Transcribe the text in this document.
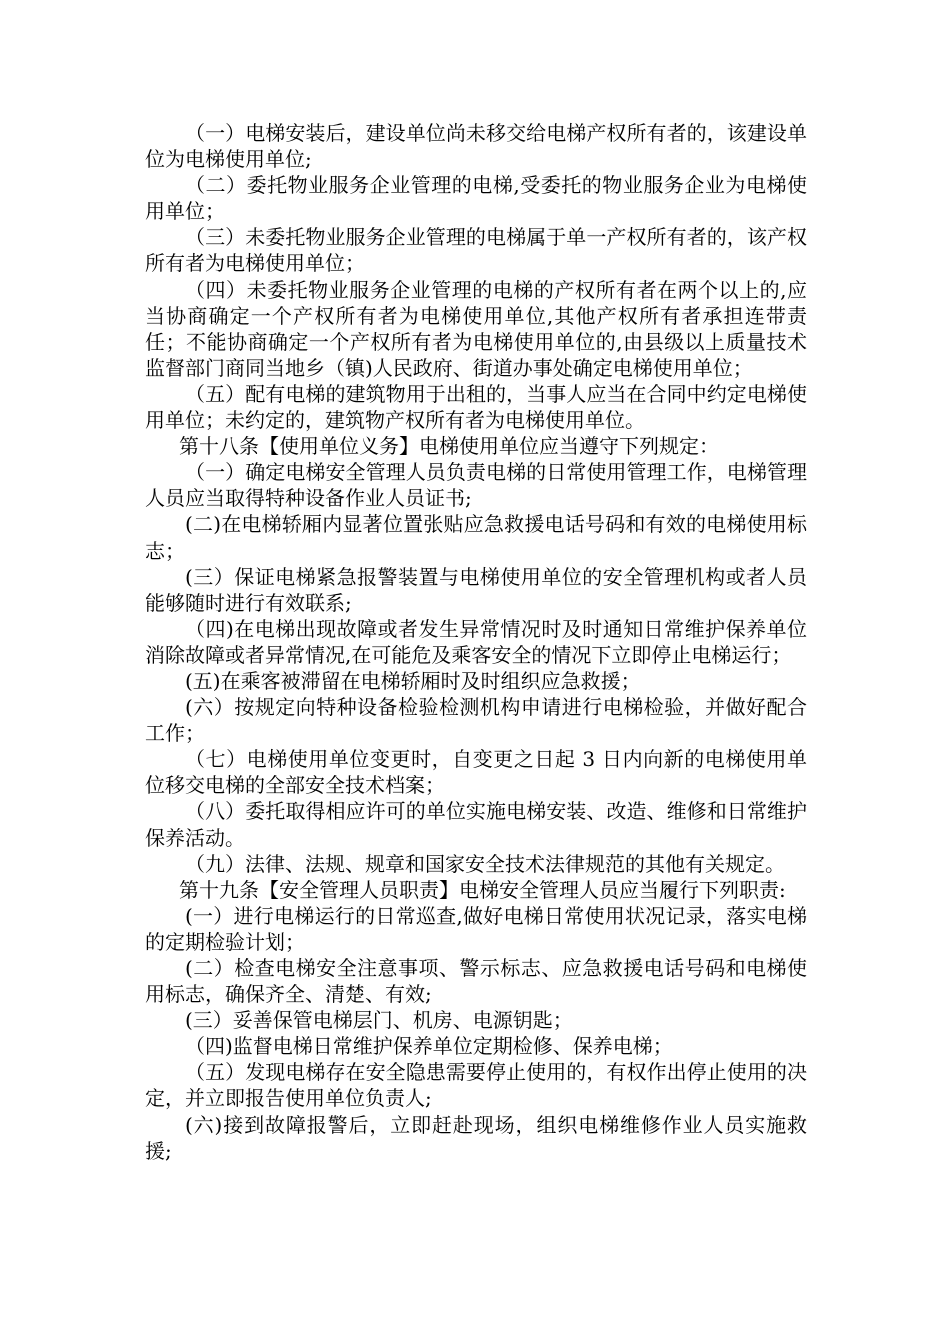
（一）电梯安装后，建设单位尚未移交给电梯产权所有者的，该建设单位为电梯使用单位;

（二）委托物业服务企业管理的电梯,受委托的物业服务企业为电梯使用单位；

（三）未委托物业服务企业管理的电梯属于单一产权所有者的，该产权所有者为电梯使用单位；

（四）未委托物业服务企业管理的电梯的产权所有者在两个以上的,应当协商确定一个产权所有者为电梯使用单位,其他产权所有者承担连带责任；不能协商确定一个产权所有者为电梯使用单位的,由县级以上质量技术监督部门商同当地乡（镇)人民政府、街道办事处确定电梯使用单位；

（五）配有电梯的建筑物用于出租的，当事人应当在合同中约定电梯使用单位；未约定的，建筑物产权所有者为电梯使用单位。

第十八条【使用单位义务】电梯使用单位应当遵守下列规定：

（一）确定电梯安全管理人员负责电梯的日常使用管理工作，电梯管理人员应当取得特种设备作业人员证书;

(二)在电梯轿厢内显著位置张贴应急救援电话号码和有效的电梯使用标志；

(三）保证电梯紧急报警装置与电梯使用单位的安全管理机构或者人员能够随时进行有效联系;

（四)在电梯出现故障或者发生异常情况时及时通知日常维护保养单位消除故障或者异常情况,在可能危及乘客安全的情况下立即停止电梯运行；

(五)在乘客被滞留在电梯轿厢时及时组织应急救援；

(六）按规定向特种设备检验检测机构申请进行电梯检验，并做好配合工作；

（七）电梯使用单位变更时，自变更之日起 3 日内向新的电梯使用单位移交电梯的全部安全技术档案；

（八）委托取得相应许可的单位实施电梯安装、改造、维修和日常维护保养活动。

（九）法律、法规、规章和国家安全技术法律规范的其他有关规定。

第十九条【安全管理人员职责】电梯安全管理人员应当履行下列职责:

(一）进行电梯运行的日常巡查,做好电梯日常使用状况记录，落实电梯的定期检验计划；

(二）检查电梯安全注意事项、警示标志、应急救援电话号码和电梯使用标志，确保齐全、清楚、有效;

(三）妥善保管电梯层门、机房、电源钥匙；

（四)监督电梯日常维护保养单位定期检修、保养电梯；

（五）发现电梯存在安全隐患需要停止使用的，有权作出停止使用的决定，并立即报告使用单位负责人;

(六)接到故障报警后，立即赶赴现场，组织电梯维修作业人员实施救援;
